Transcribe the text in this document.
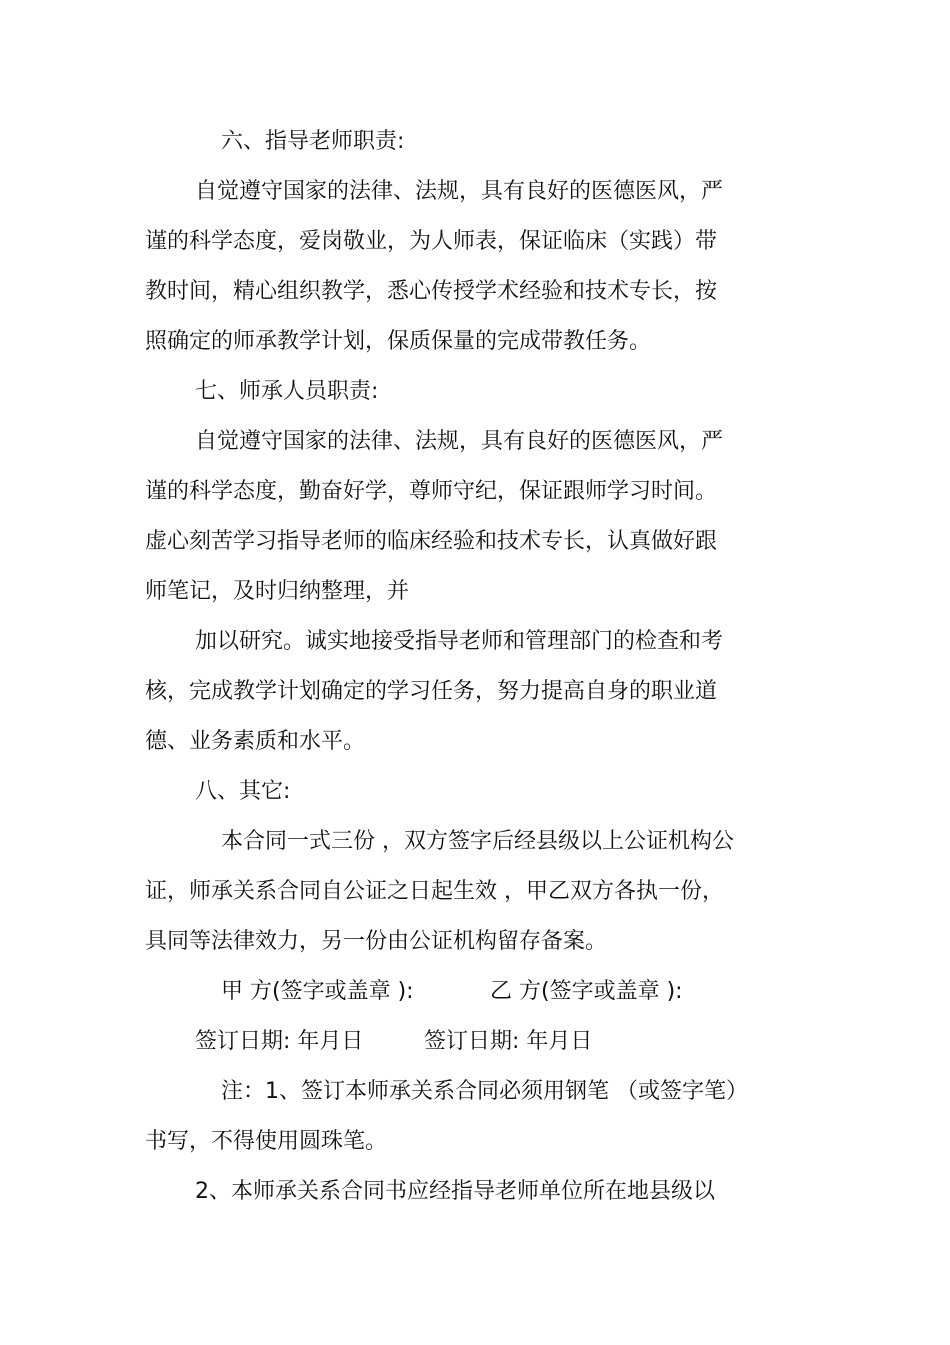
六、指导老师职责:
自觉遵守国家的法律、法规，具有良好的医德医风，严
谨的科学态度，爱岗敬业，为人师表，保证临床（实践）带
教时间，精心组织教学，悉心传授学术经验和技术专长，按
照确定的师承教学计划，保质保量的完成带教任务。
七、师承人员职责:
自觉遵守国家的法律、法规，具有良好的医德医风，严
谨的科学态度，勤奋好学，尊师守纪，保证跟师学习时间。
虚心刻苦学习指导老师的临床经验和技术专长，认真做好跟
师笔记，及时归纳整理，并
加以研究。诚实地接受指导老师和管理部门的检查和考
核，完成教学计划确定的学习任务，努力提高自身的职业道
德、业务素质和水平。
八、其它:
本合同一式三份 ，双方签字后经县级以上公证机构公
证，师承关系合同自公证之日起生效 ，甲乙双方各执一份，
具同等法律效力，另一份由公证机构留存备案。
甲 方(签字或盖章 ):	乙 方(签字或盖章 ):
签订日期: 年月日	签订日期: 年月日
注：1、签订本师承关系合同必须用钢笔 （或签字笔）
书写，不得使用圆珠笔。
2、本师承关系合同书应经指导老师单位所在地县级以
